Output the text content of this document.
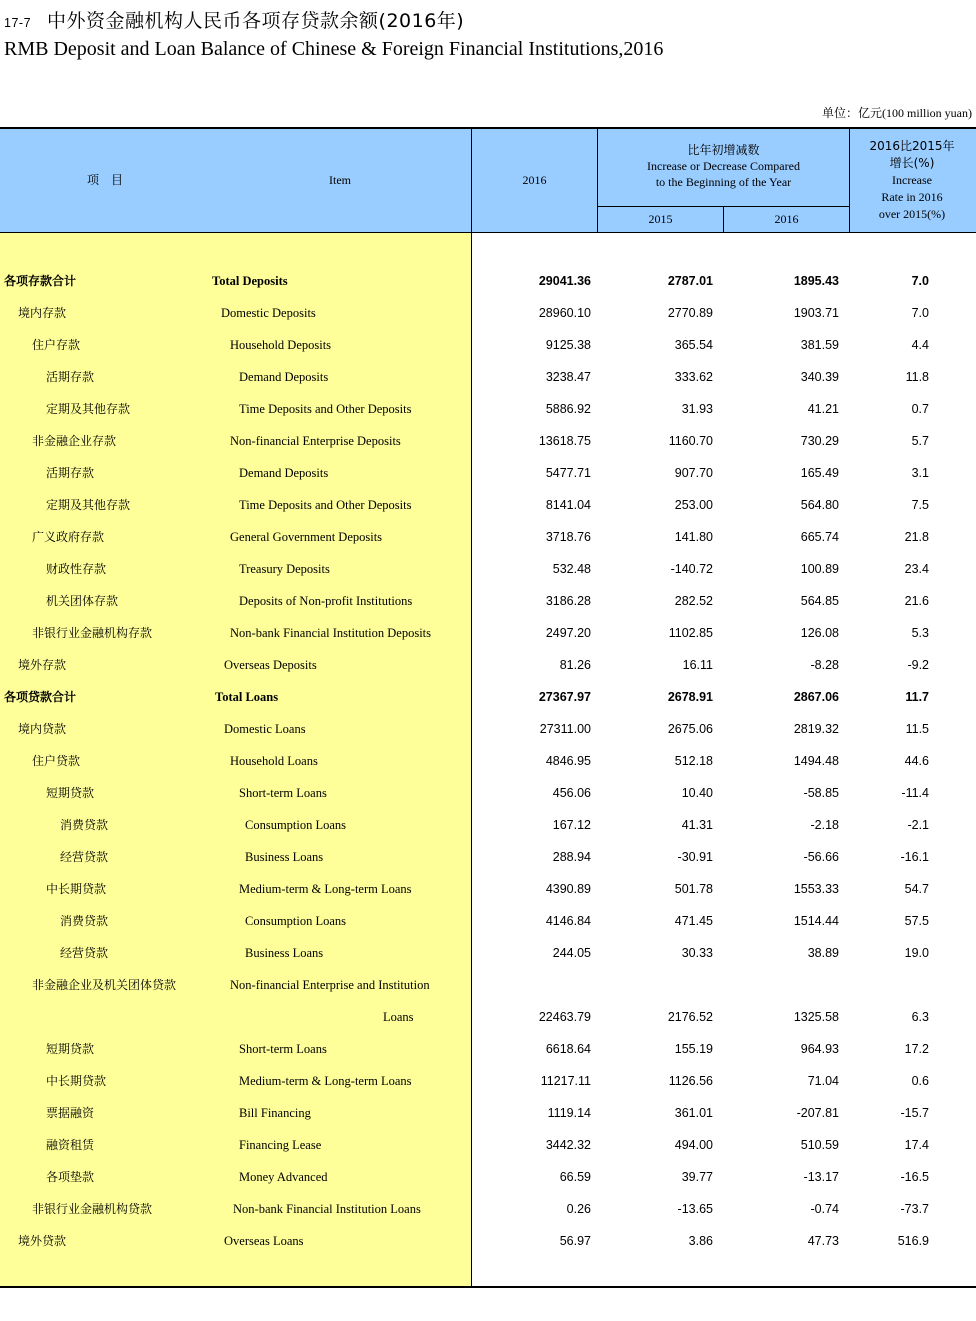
17-7 中外资金融机构人民币各项存贷款余额(2016年)
RMB Deposit and Loan Balance of Chinese & Foreign Financial Institutions,2016
单位：亿元(100 million yuan)
项　目	Item	2016
比年初增减数
Increase or Decrease Compared
to the Beginning of the Year
2015	2016
2016比2015年
增长(%)
Increase
Rate in 2016
over 2015(%)
各项存款合计	Total Deposits	29041.36	2787.01	1895.43	7.0
境内存款	Domestic Deposits	28960.10	2770.89	1903.71	7.0
住户存款	Household Deposits	9125.38	365.54	381.59	4.4
活期存款	Demand Deposits	3238.47	333.62	340.39	11.8
定期及其他存款	Time Deposits and Other Deposits	5886.92	31.93	41.21	0.7
非金融企业存款	Non-financial Enterprise Deposits	13618.75	1160.70	730.29	5.7
活期存款	Demand Deposits	5477.71	907.70	165.49	3.1
定期及其他存款	Time Deposits and Other Deposits	8141.04	253.00	564.80	7.5
广义政府存款	General Government Deposits	3718.76	141.80	665.74	21.8
财政性存款	Treasury Deposits	532.48	-140.72	100.89	23.4
机关团体存款	Deposits of Non-profit Institutions	3186.28	282.52	564.85	21.6
非银行业金融机构存款	Non-bank Financial Institution Deposits	2497.20	1102.85	126.08	5.3
境外存款	Overseas Deposits	81.26	16.11	-8.28	-9.2
各项贷款合计	Total Loans	27367.97	2678.91	2867.06	11.7
境内贷款	Domestic Loans	27311.00	2675.06	2819.32	11.5
住户贷款	Household Loans	4846.95	512.18	1494.48	44.6
短期贷款	Short-term Loans	456.06	10.40	-58.85	-11.4
消费贷款	Consumption Loans	167.12	41.31	-2.18	-2.1
经营贷款	Business Loans	288.94	-30.91	-56.66	-16.1
中长期贷款	Medium-term & Long-term Loans	4390.89	501.78	1553.33	54.7
消费贷款	Consumption Loans	4146.84	471.45	1514.44	57.5
经营贷款	Business Loans	244.05	30.33	38.89	19.0
非金融企业及机关团体贷款	Non-financial Enterprise and Institution
Loans	22463.79	2176.52	1325.58	6.3
短期贷款	Short-term Loans	6618.64	155.19	964.93	17.2
中长期贷款	Medium-term & Long-term Loans	11217.11	1126.56	71.04	0.6
票据融资	Bill Financing	1119.14	361.01	-207.81	-15.7
融资租赁	Financing Lease	3442.32	494.00	510.59	17.4
各项垫款	Money Advanced	66.59	39.77	-13.17	-16.5
非银行业金融机构贷款	Non-bank Financial Institution Loans	0.26	-13.65	-0.74	-73.7
境外贷款	Overseas Loans	56.97	3.86	47.73	516.9
